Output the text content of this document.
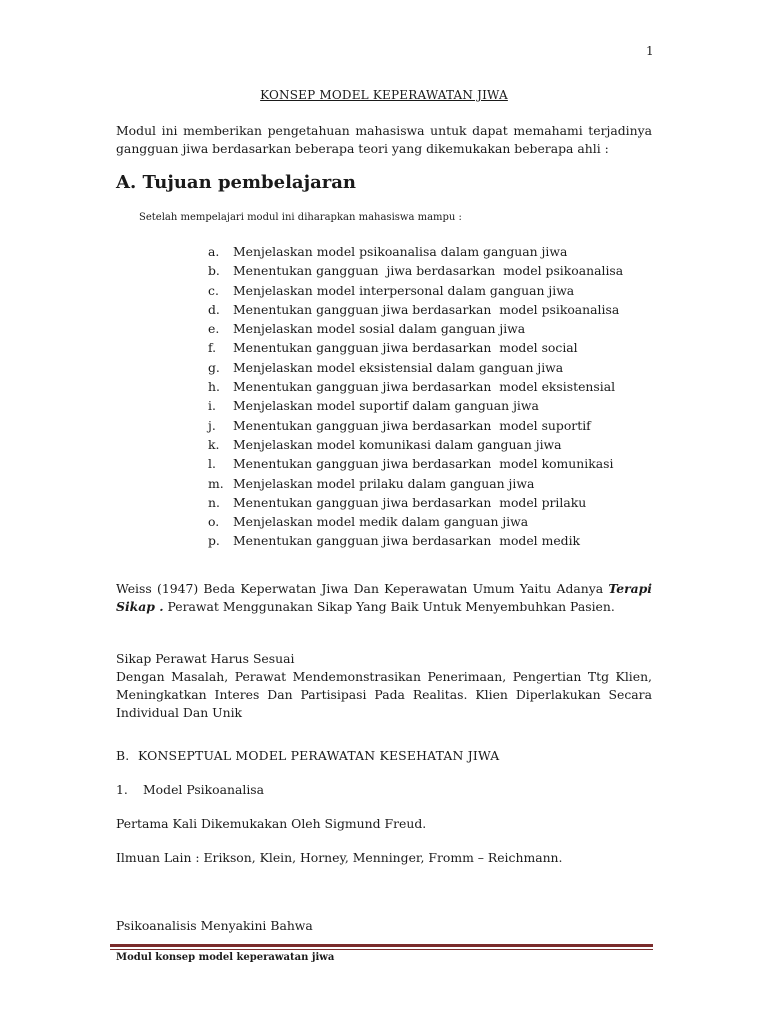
1
KONSEP MODEL KEPERAWATAN JIWA
Modul ini memberikan pengetahuan mahasiswa untuk dapat memahami terjadinya gangguan jiwa berdasarkan beberapa teori yang dikemukakan beberapa ahli :
A. Tujuan pembelajaran
Setelah mempelajari modul ini diharapkan mahasiswa mampu :
a. Menjelaskan model psikoanalisa dalam ganguan jiwa
b. Menentukan gangguan  jiwa berdasarkan  model psikoanalisa
c. Menjelaskan model interpersonal dalam ganguan jiwa
d. Menentukan gangguan jiwa berdasarkan  model psikoanalisa
e. Menjelaskan model sosial dalam ganguan jiwa
f. Menentukan gangguan jiwa berdasarkan  model social
g. Menjelaskan model eksistensial dalam ganguan jiwa
h. Menentukan gangguan jiwa berdasarkan  model eksistensial
i. Menjelaskan model suportif dalam ganguan jiwa
j. Menentukan gangguan jiwa berdasarkan  model suportif
k. Menjelaskan model komunikasi dalam ganguan jiwa
l. Menentukan gangguan jiwa berdasarkan  model komunikasi
m. Menjelaskan model prilaku dalam ganguan jiwa
n. Menentukan gangguan jiwa berdasarkan  model prilaku
o. Menjelaskan model medik dalam ganguan jiwa
p. Menentukan gangguan jiwa berdasarkan  model medik
Weiss (1947) Beda Keperwatan Jiwa Dan Keperawatan Umum Yaitu Adanya Terapi Sikap . Perawat Menggunakan Sikap Yang Baik Untuk Menyembuhkan Pasien.
Sikap Perawat Harus Sesuai
Dengan Masalah, Perawat Mendemonstrasikan Penerimaan, Pengertian Ttg Klien, Meningkatkan Interes Dan Partisipasi Pada Realitas. Klien Diperlakukan Secara Individual Dan Unik
B. KONSEPTUAL MODEL PERAWATAN KESEHATAN JIWA
1. Model Psikoanalisa
Pertama Kali Dikemukakan Oleh Sigmund Freud.
Ilmuan Lain : Erikson, Klein, Horney, Menninger, Fromm – Reichmann.
Psikoanalisis Menyakini Bahwa
Modul konsep model keperawatan jiwa
